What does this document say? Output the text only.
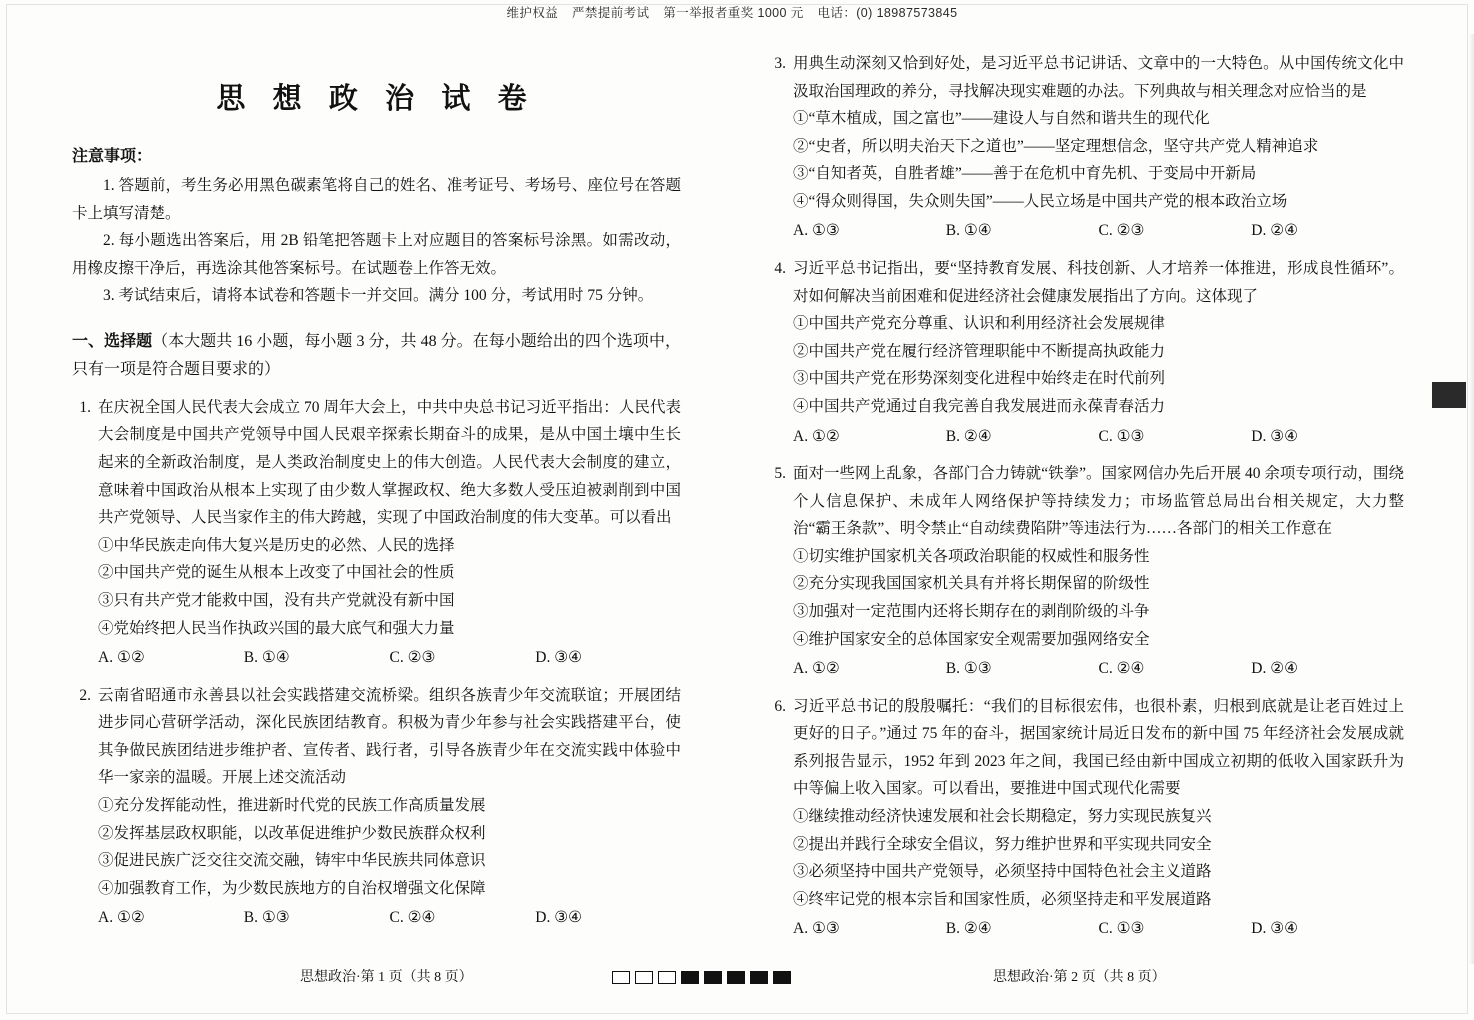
维护权益 严禁提前考试 第一举报者重奖 1000 元 电话：(0) 18987573845
思 想 政 治 试 卷
注意事项：
1. 答题前，考生务必用黑色碳素笔将自己的姓名、准考证号、考场号、座位号在答题卡上填写清楚。
2. 每小题选出答案后，用 2B 铅笔把答题卡上对应题目的答案标号涂黑。如需改动，用橡皮擦干净后，再选涂其他答案标号。在试题卷上作答无效。
3. 考试结束后，请将本试卷和答题卡一并交回。满分 100 分，考试用时 75 分钟。
一、选择题（本大题共 16 小题，每小题 3 分，共 48 分。在每小题给出的四个选项中，只有一项是符合题目要求的）
1. 在庆祝全国人民代表大会成立 70 周年大会上，中共中央总书记习近平指出：人民代表大会制度是中国共产党领导中国人民艰辛探索长期奋斗的成果，是从中国土壤中生长起来的全新政治制度，是人类政治制度史上的伟大创造。人民代表大会制度的建立，意味着中国政治从根本上实现了由少数人掌握政权、绝大多数人受压迫被剥削到中国共产党领导、人民当家作主的伟大跨越，实现了中国政治制度的伟大变革。可以看出
①中华民族走向伟大复兴是历史的必然、人民的选择
②中国共产党的诞生从根本上改变了中国社会的性质
③只有共产党才能救中国，没有共产党就没有新中国
④党始终把人民当作执政兴国的最大底气和强大力量
A. ①②	B. ①④	C. ②③	D. ③④
2. 云南省昭通市永善县以社会实践搭建交流桥梁。组织各族青少年交流联谊；开展团结进步同心营研学活动，深化民族团结教育。积极为青少年参与社会实践搭建平台，使其争做民族团结进步维护者、宣传者、践行者，引导各族青少年在交流实践中体验中华一家亲的温暖。开展上述交流活动
①充分发挥能动性，推进新时代党的民族工作高质量发展
②发挥基层政权职能，以改革促进维护少数民族群众权利
③促进民族广泛交往交流交融，铸牢中华民族共同体意识
④加强教育工作，为少数民族地方的自治权增强文化保障
A. ①②	B. ①③	C. ②④	D. ③④
3. 用典生动深刻又恰到好处，是习近平总书记讲话、文章中的一大特色。从中国传统文化中汲取治国理政的养分，寻找解决现实难题的办法。下列典故与相关理念对应恰当的是
①“草木植成，国之富也”——建设人与自然和谐共生的现代化
②“史者，所以明夫治天下之道也”——坚定理想信念，坚守共产党人精神追求
③“自知者英，自胜者雄”——善于在危机中育先机、于变局中开新局
④“得众则得国，失众则失国”——人民立场是中国共产党的根本政治立场
A. ①③	B. ①④	C. ②③	D. ②④
4. 习近平总书记指出，要“坚持教育发展、科技创新、人才培养一体推进，形成良性循环”。对如何解决当前困难和促进经济社会健康发展指出了方向。这体现了
①中国共产党充分尊重、认识和利用经济社会发展规律
②中国共产党在履行经济管理职能中不断提高执政能力
③中国共产党在形势深刻变化进程中始终走在时代前列
④中国共产党通过自我完善自我发展进而永葆青春活力
A. ①②	B. ②④	C. ①③	D. ③④
5. 面对一些网上乱象，各部门合力铸就“铁拳”。国家网信办先后开展 40 余项专项行动，围绕个人信息保护、未成年人网络保护等持续发力；市场监管总局出台相关规定，大力整治“霸王条款”、明令禁止“自动续费陷阱”等违法行为……各部门的相关工作意在
①切实维护国家机关各项政治职能的权威性和服务性
②充分实现我国国家机关具有并将长期保留的阶级性
③加强对一定范围内还将长期存在的剥削阶级的斗争
④维护国家安全的总体国家安全观需要加强网络安全
A. ①②	B. ①③	C. ②④	D. ②④
6. 习近平总书记的殷殷嘱托：“我们的目标很宏伟，也很朴素，归根到底就是让老百姓过上更好的日子。”通过 75 年的奋斗，据国家统计局近日发布的新中国 75 年经济社会发展成就系列报告显示，1952 年到 2023 年之间，我国已经由新中国成立初期的低收入国家跃升为中等偏上收入国家。可以看出，要推进中国式现代化需要
①继续推动经济快速发展和社会长期稳定，努力实现民族复兴
②提出并践行全球安全倡议，努力维护世界和平实现共同安全
③必须坚持中国共产党领导，必须坚持中国特色社会主义道路
④终牢记党的根本宗旨和国家性质，必须坚持走和平发展道路
A. ①③	B. ②④	C. ①③	D. ③④
思想政治·第 1 页（共 8 页）	思想政治·第 2 页（共 8 页）
